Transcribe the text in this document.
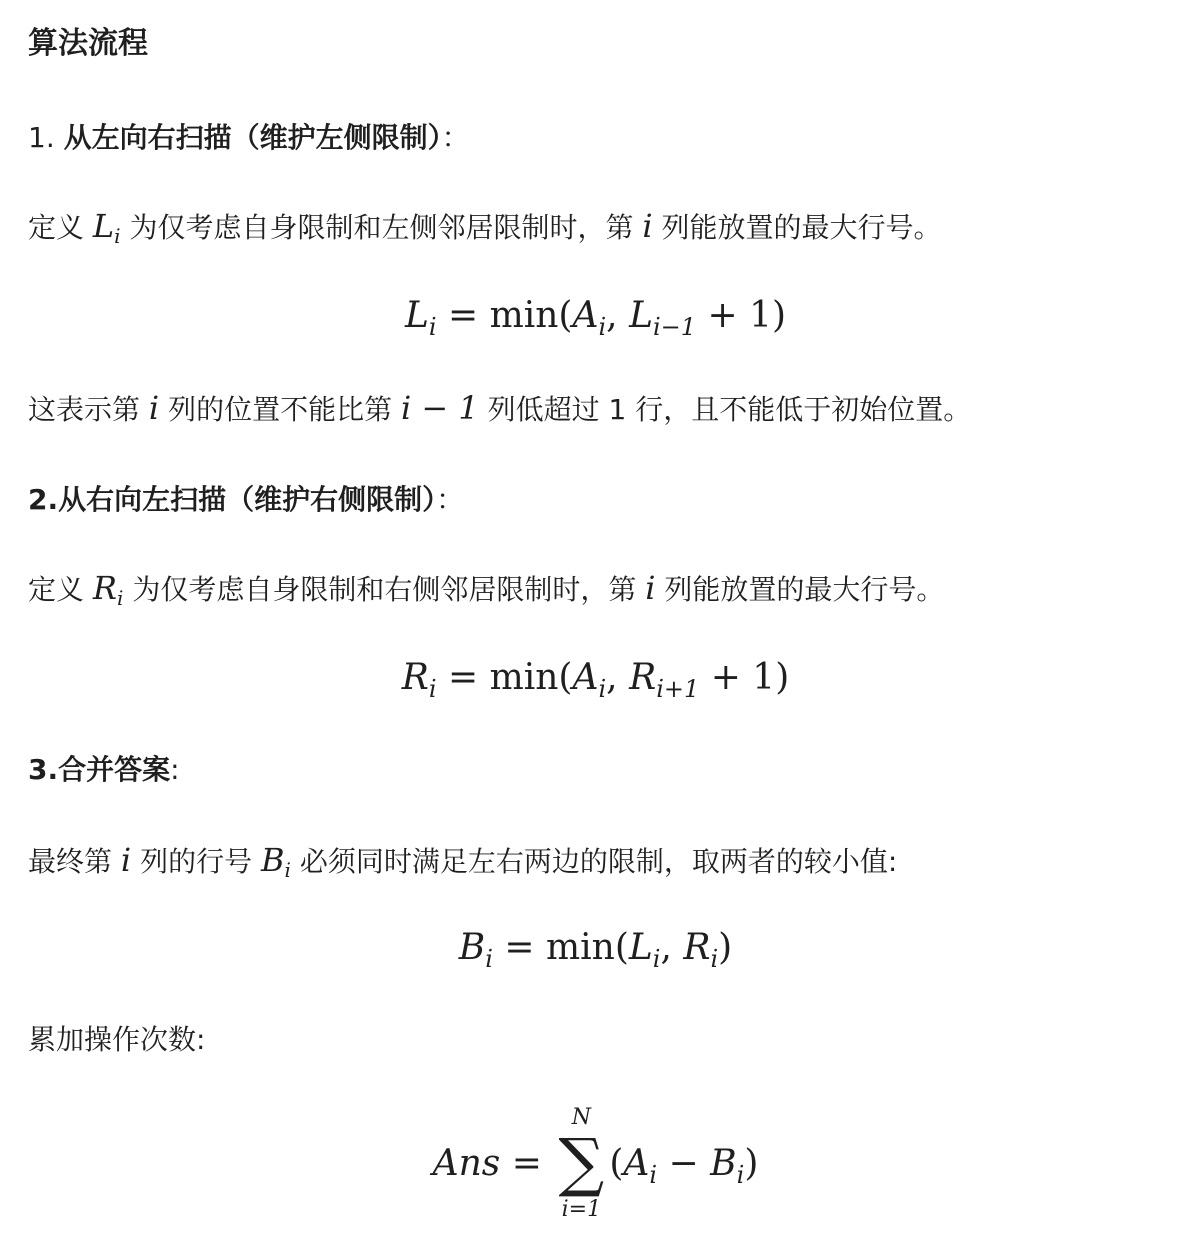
算法流程
1. 从左向右扫描（维护左侧限制）：
定义 $L_i$ 为仅考虑自身限制和左侧邻居限制时，第 i 列能放置的最大行号。
$L_i = \min(A_i$, $L_{i-1} + 1$)
这表示第 i 列的位置不能比第 i − 1 列低超过 1 行，且不能低于初始位置。
2.从右向左扫描（维护右侧限制）：
定义 $R_i$ 为仅考虑自身限制和右侧邻居限制时，第 i 列能放置的最大行号。
$R_i = \min(A_i$, $R_{i+1} + 1$)
3.合并答案:
最终第 i 列的行号 $B_i$ 必须同时满足左右两边的限制，取两者的较小值:
$B_i = \min(L_i$, $R_i$)
累加操作次数:
Ans =
N
∑
i=1
$(A_i - B_i)$
